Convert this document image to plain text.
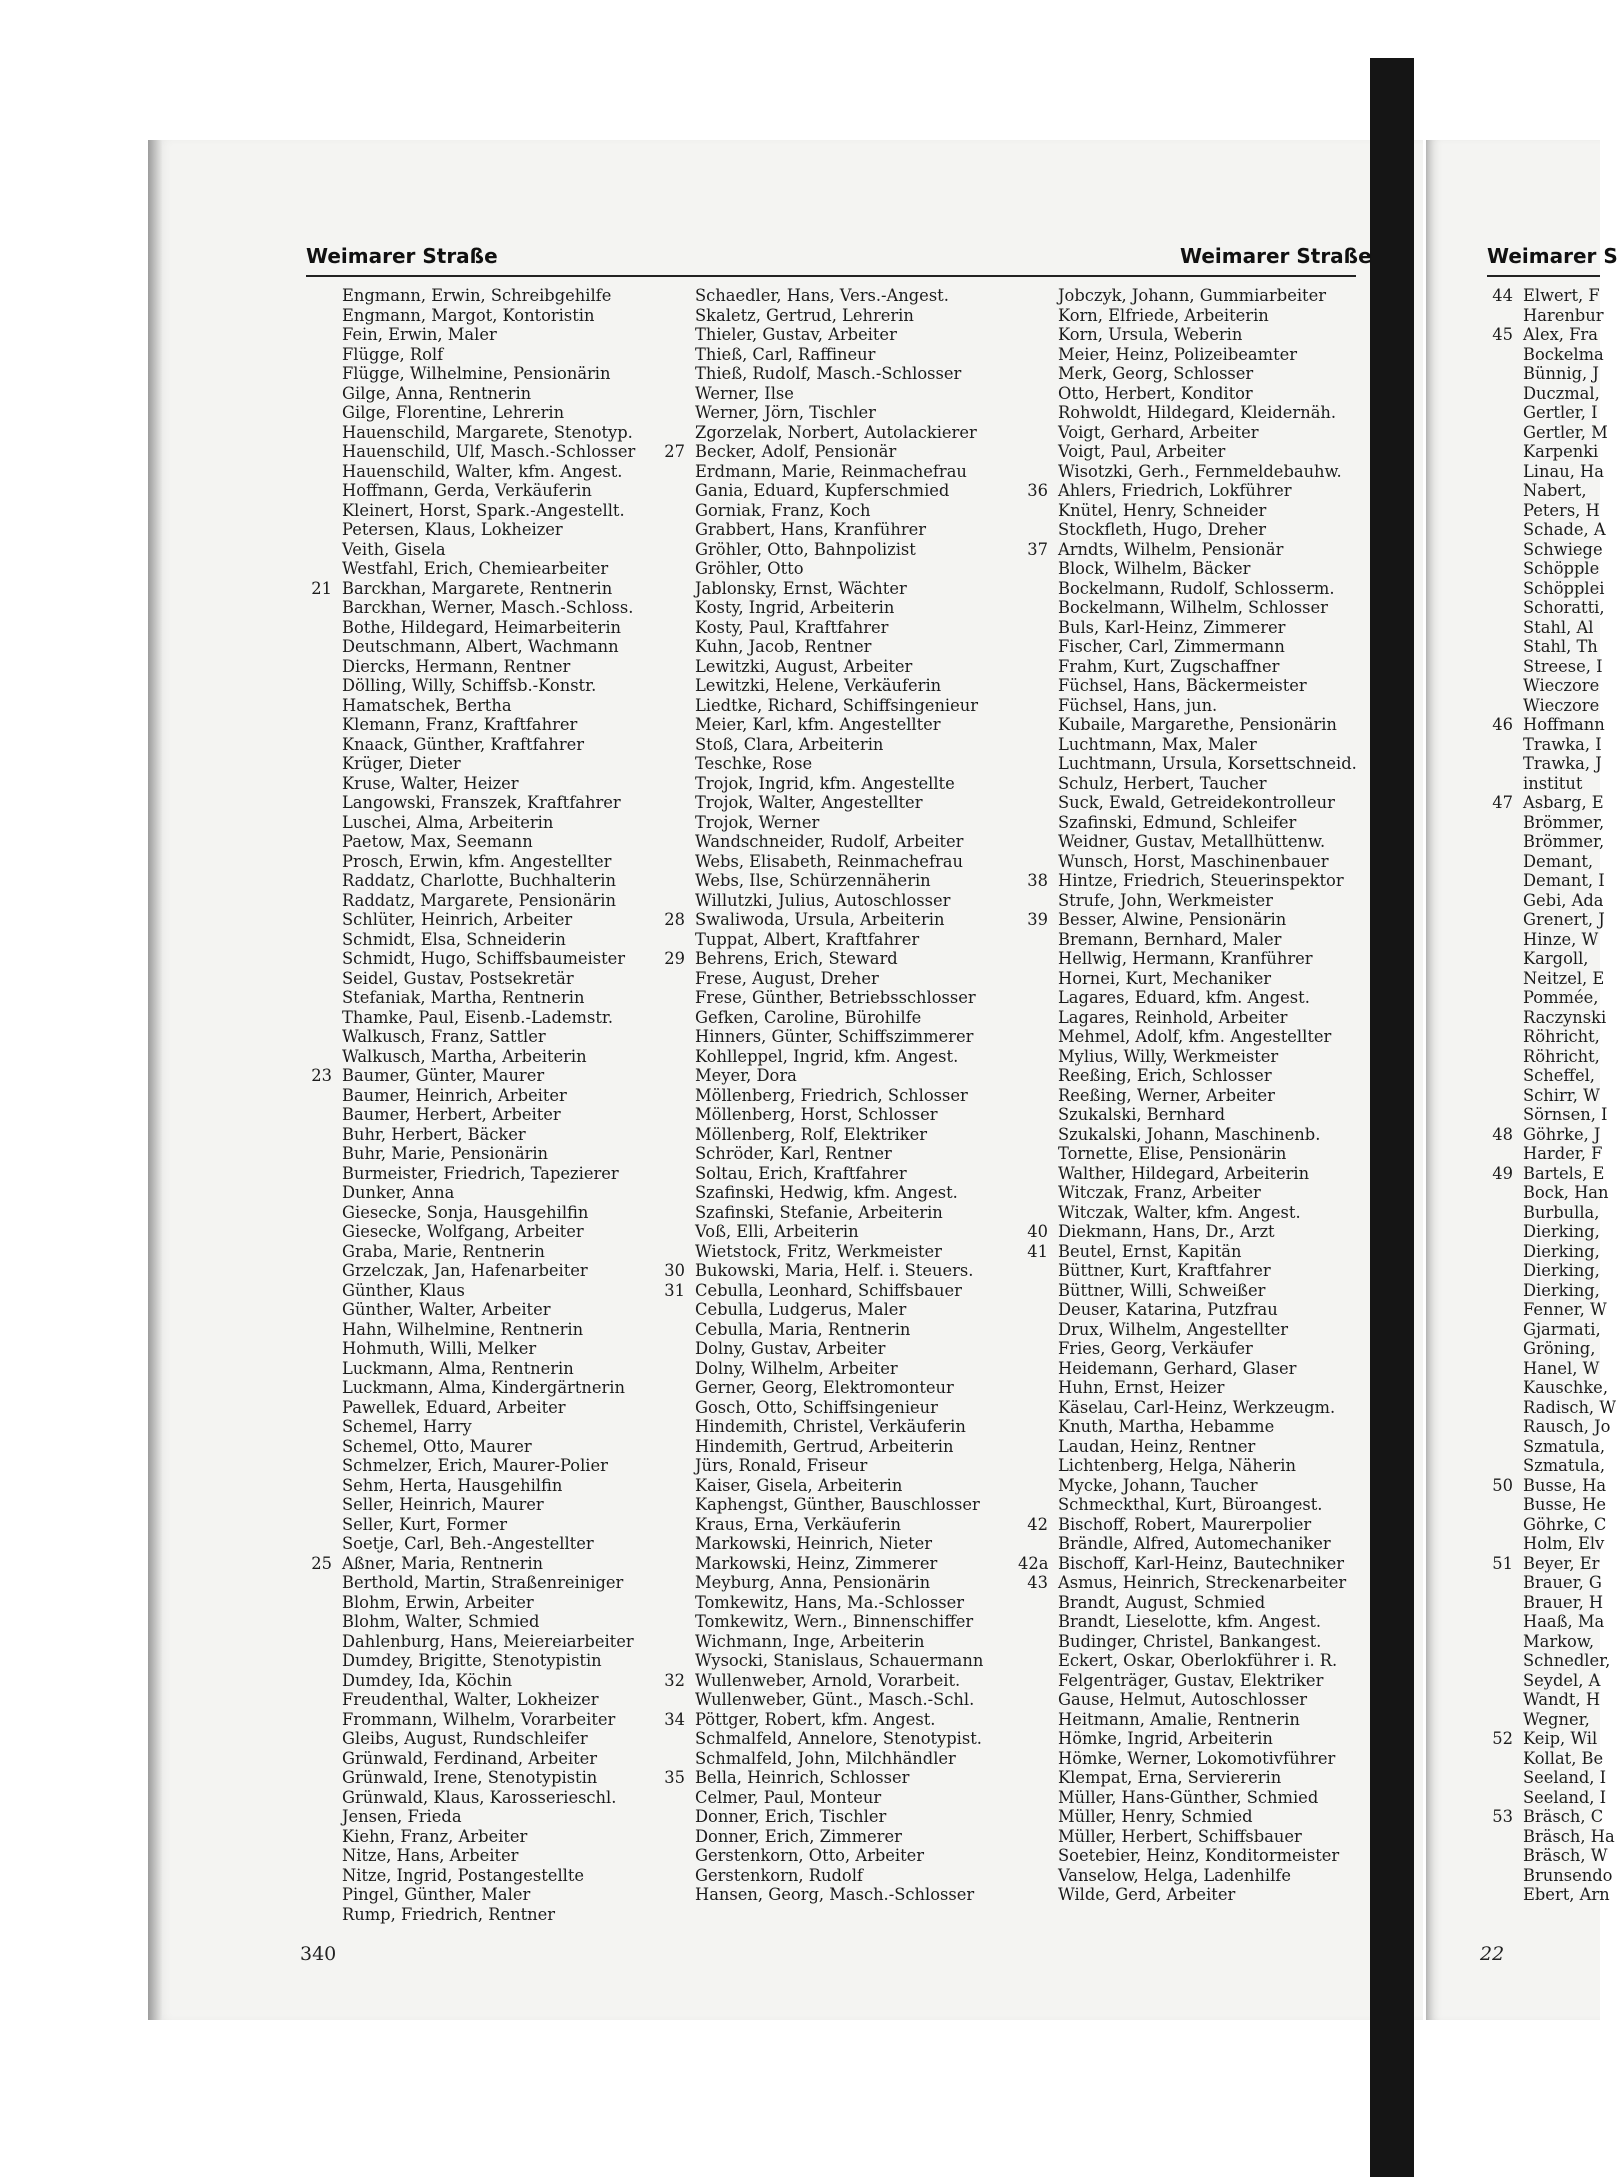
Weimarer Straße	Weimarer Straße	Weimarer S
Engmann, Erwin, Schreibgehilfe
Engmann, Margot, Kontoristin
Fein, Erwin, Maler
Flügge, Rolf
Flügge, Wilhelmine, Pensionärin
Gilge, Anna, Rentnerin
Gilge, Florentine, Lehrerin
Hauenschild, Margarete, Stenotyp.
Hauenschild, Ulf, Masch.-Schlosser
Hauenschild, Walter, kfm. Angest.
Hoffmann, Gerda, Verkäuferin
Kleinert, Horst, Spark.-Angestellt.
Petersen, Klaus, Lokheizer
Veith, Gisela
Westfahl, Erich, Chemiearbeiter
21 Barckhan, Margarete, Rentnerin
Barckhan, Werner, Masch.-Schloss.
Bothe, Hildegard, Heimarbeiterin
Deutschmann, Albert, Wachmann
Diercks, Hermann, Rentner
Dölling, Willy, Schiffsb.-Konstr.
Hamatschek, Bertha
Klemann, Franz, Kraftfahrer
Knaack, Günther, Kraftfahrer
Krüger, Dieter
Kruse, Walter, Heizer
Langowski, Franszek, Kraftfahrer
Luschei, Alma, Arbeiterin
Paetow, Max, Seemann
Prosch, Erwin, kfm. Angestellter
Raddatz, Charlotte, Buchhalterin
Raddatz, Margarete, Pensionärin
Schlüter, Heinrich, Arbeiter
Schmidt, Elsa, Schneiderin
Schmidt, Hugo, Schiffsbaumeister
Seidel, Gustav, Postsekretär
Stefaniak, Martha, Rentnerin
Thamke, Paul, Eisenb.-Lademstr.
Walkusch, Franz, Sattler
Walkusch, Martha, Arbeiterin
23 Baumer, Günter, Maurer
Baumer, Heinrich, Arbeiter
Baumer, Herbert, Arbeiter
Buhr, Herbert, Bäcker
Buhr, Marie, Pensionärin
Burmeister, Friedrich, Tapezierer
Dunker, Anna
Giesecke, Sonja, Hausgehilfin
Giesecke, Wolfgang, Arbeiter
Graba, Marie, Rentnerin
Grzelczak, Jan, Hafenarbeiter
Günther, Klaus
Günther, Walter, Arbeiter
Hahn, Wilhelmine, Rentnerin
Hohmuth, Willi, Melker
Luckmann, Alma, Rentnerin
Luckmann, Alma, Kindergärtnerin
Pawellek, Eduard, Arbeiter
Schemel, Harry
Schemel, Otto, Maurer
Schmelzer, Erich, Maurer-Polier
Sehm, Herta, Hausgehilfin
Seller, Heinrich, Maurer
Seller, Kurt, Former
Soetje, Carl, Beh.-Angestellter
25 Aßner, Maria, Rentnerin
Berthold, Martin, Straßenreiniger
Blohm, Erwin, Arbeiter
Blohm, Walter, Schmied
Dahlenburg, Hans, Meiereiarbeiter
Dumdey, Brigitte, Stenotypistin
Dumdey, Ida, Köchin
Freudenthal, Walter, Lokheizer
Frommann, Wilhelm, Vorarbeiter
Gleibs, August, Rundschleifer
Grünwald, Ferdinand, Arbeiter
Grünwald, Irene, Stenotypistin
Grünwald, Klaus, Karosserieschl.
Jensen, Frieda
Kiehn, Franz, Arbeiter
Nitze, Hans, Arbeiter
Nitze, Ingrid, Postangestellte
Pingel, Günther, Maler
Rump, Friedrich, Rentner
Schaedler, Hans, Vers.-Angest.
Skaletz, Gertrud, Lehrerin
Thieler, Gustav, Arbeiter
Thieß, Carl, Raffineur
Thieß, Rudolf, Masch.-Schlosser
Werner, Ilse
Werner, Jörn, Tischler
Zgorzelak, Norbert, Autolackierer
27 Becker, Adolf, Pensionär
Erdmann, Marie, Reinmachefrau
Gania, Eduard, Kupferschmied
Gorniak, Franz, Koch
Grabbert, Hans, Kranführer
Gröhler, Otto, Bahnpolizist
Gröhler, Otto
Jablonsky, Ernst, Wächter
Kosty, Ingrid, Arbeiterin
Kosty, Paul, Kraftfahrer
Kuhn, Jacob, Rentner
Lewitzki, August, Arbeiter
Lewitzki, Helene, Verkäuferin
Liedtke, Richard, Schiffsingenieur
Meier, Karl, kfm. Angestellter
Stoß, Clara, Arbeiterin
Teschke, Rose
Trojok, Ingrid, kfm. Angestellte
Trojok, Walter, Angestellter
Trojok, Werner
Wandschneider, Rudolf, Arbeiter
Webs, Elisabeth, Reinmachefrau
Webs, Ilse, Schürzennäherin
Willutzki, Julius, Autoschlosser
28 Swaliwoda, Ursula, Arbeiterin
Tuppat, Albert, Kraftfahrer
29 Behrens, Erich, Steward
Frese, August, Dreher
Frese, Günther, Betriebsschlosser
Gefken, Caroline, Bürohilfe
Hinners, Günter, Schiffszimmerer
Kohlleppel, Ingrid, kfm. Angest.
Meyer, Dora
Möllenberg, Friedrich, Schlosser
Möllenberg, Horst, Schlosser
Möllenberg, Rolf, Elektriker
Schröder, Karl, Rentner
Soltau, Erich, Kraftfahrer
Szafinski, Hedwig, kfm. Angest.
Szafinski, Stefanie, Arbeiterin
Voß, Elli, Arbeiterin
Wietstock, Fritz, Werkmeister
30 Bukowski, Maria, Helf. i. Steuers.
31 Cebulla, Leonhard, Schiffsbauer
Cebulla, Ludgerus, Maler
Cebulla, Maria, Rentnerin
Dolny, Gustav, Arbeiter
Dolny, Wilhelm, Arbeiter
Gerner, Georg, Elektromonteur
Gosch, Otto, Schiffsingenieur
Hindemith, Christel, Verkäuferin
Hindemith, Gertrud, Arbeiterin
Jürs, Ronald, Friseur
Kaiser, Gisela, Arbeiterin
Kaphengst, Günther, Bauschlosser
Kraus, Erna, Verkäuferin
Markowski, Heinrich, Nieter
Markowski, Heinz, Zimmerer
Meyburg, Anna, Pensionärin
Tomkewitz, Hans, Ma.-Schlosser
Tomkewitz, Wern., Binnenschiffer
Wichmann, Inge, Arbeiterin
Wysocki, Stanislaus, Schauermann
32 Wullenweber, Arnold, Vorarbeit.
Wullenweber, Günt., Masch.-Schl.
34 Pöttger, Robert, kfm. Angest.
Schmalfeld, Annelore, Stenotypist.
Schmalfeld, John, Milchhändler
35 Bella, Heinrich, Schlosser
Celmer, Paul, Monteur
Donner, Erich, Tischler
Donner, Erich, Zimmerer
Gerstenkorn, Otto, Arbeiter
Gerstenkorn, Rudolf
Hansen, Georg, Masch.-Schlosser
Jobczyk, Johann, Gummiarbeiter
Korn, Elfriede, Arbeiterin
Korn, Ursula, Weberin
Meier, Heinz, Polizeibeamter
Merk, Georg, Schlosser
Otto, Herbert, Konditor
Rohwoldt, Hildegard, Kleidernäh.
Voigt, Gerhard, Arbeiter
Voigt, Paul, Arbeiter
Wisotzki, Gerh., Fernmeldebauhw.
36 Ahlers, Friedrich, Lokführer
Knütel, Henry, Schneider
Stockfleth, Hugo, Dreher
37 Arndts, Wilhelm, Pensionär
Block, Wilhelm, Bäcker
Bockelmann, Rudolf, Schlosserm.
Bockelmann, Wilhelm, Schlosser
Buls, Karl-Heinz, Zimmerer
Fischer, Carl, Zimmermann
Frahm, Kurt, Zugschaffner
Füchsel, Hans, Bäckermeister
Füchsel, Hans, jun.
Kubaile, Margarethe, Pensionärin
Luchtmann, Max, Maler
Luchtmann, Ursula, Korsettschneid.
Schulz, Herbert, Taucher
Suck, Ewald, Getreidekontrolleur
Szafinski, Edmund, Schleifer
Weidner, Gustav, Metallhüttenw.
Wunsch, Horst, Maschinenbauer
38 Hintze, Friedrich, Steuerinspektor
Strufe, John, Werkmeister
39 Besser, Alwine, Pensionärin
Bremann, Bernhard, Maler
Hellwig, Hermann, Kranführer
Hornei, Kurt, Mechaniker
Lagares, Eduard, kfm. Angest.
Lagares, Reinhold, Arbeiter
Mehmel, Adolf, kfm. Angestellter
Mylius, Willy, Werkmeister
Reeßing, Erich, Schlosser
Reeßing, Werner, Arbeiter
Szukalski, Bernhard
Szukalski, Johann, Maschinenb.
Tornette, Elise, Pensionärin
Walther, Hildegard, Arbeiterin
Witczak, Franz, Arbeiter
Witczak, Walter, kfm. Angest.
40 Diekmann, Hans, Dr., Arzt
41 Beutel, Ernst, Kapitän
Büttner, Kurt, Kraftfahrer
Büttner, Willi, Schweißer
Deuser, Katarina, Putzfrau
Drux, Wilhelm, Angestellter
Fries, Georg, Verkäufer
Heidemann, Gerhard, Glaser
Huhn, Ernst, Heizer
Käselau, Carl-Heinz, Werkzeugm.
Knuth, Martha, Hebamme
Laudan, Heinz, Rentner
Lichtenberg, Helga, Näherin
Mycke, Johann, Taucher
Schmeckthal, Kurt, Büroangest.
42 Bischoff, Robert, Maurerpolier
Brändle, Alfred, Automechaniker
42a Bischoff, Karl-Heinz, Bautechniker
43 Asmus, Heinrich, Streckenarbeiter
Brandt, August, Schmied
Brandt, Lieselotte, kfm. Angest.
Budinger, Christel, Bankangest.
Eckert, Oskar, Oberlokführer i. R.
Felgenträger, Gustav, Elektriker
Gause, Helmut, Autoschlosser
Heitmann, Amalie, Rentnerin
Hömke, Ingrid, Arbeiterin
Hömke, Werner, Lokomotivführer
Klempat, Erna, Serviererin
Müller, Hans-Günther, Schmied
Müller, Henry, Schmied
Müller, Herbert, Schiffsbauer
Soetebier, Heinz, Konditormeister
Vanselow, Helga, Ladenhilfe
Wilde, Gerd, Arbeiter
44 Elwert, F
Harenbur
45 Alex, Fra
Bockelma
Bünnig, J
Duczmal,
Gertler, I
Gertler, M
Karpenki
Linau, Ha
Nabert,
Peters, H
Schade, A
Schwiege
Schöpple
Schöpplei
Schoratti,
Stahl, Al
Stahl, Th
Streese, I
Wieczore
Wieczore
46 Hoffmann
Trawka, I
Trawka, J
institut
47 Asbarg, E
Brömmer,
Brömmer,
Demant,
Demant, I
Gebi, Ada
Grenert, J
Hinze, W
Kargoll,
Neitzel, E
Pommée,
Raczynski
Röhricht,
Röhricht,
Scheffel,
Schirr, W
Sörnsen, I
48 Göhrke, J
Harder, F
49 Bartels, E
Bock, Han
Burbulla,
Dierking,
Dierking,
Dierking,
Dierking,
Fenner, W
Gjarmati,
Gröning,
Hanel, W
Kauschke,
Radisch, W
Rausch, Jo
Szmatula,
Szmatula,
50 Busse, Ha
Busse, He
Göhrke, C
Holm, Elv
51 Beyer, Er
Brauer, G
Brauer, H
Haaß, Ma
Markow,
Schnedler,
Seydel, A
Wandt, H
Wegner,
52 Keip, Wil
Kollat, Be
Seeland, I
Seeland, I
53 Bräsch, C
Bräsch, Ha
Bräsch, W
Brunsendo
Ebert, Arn
340	22
